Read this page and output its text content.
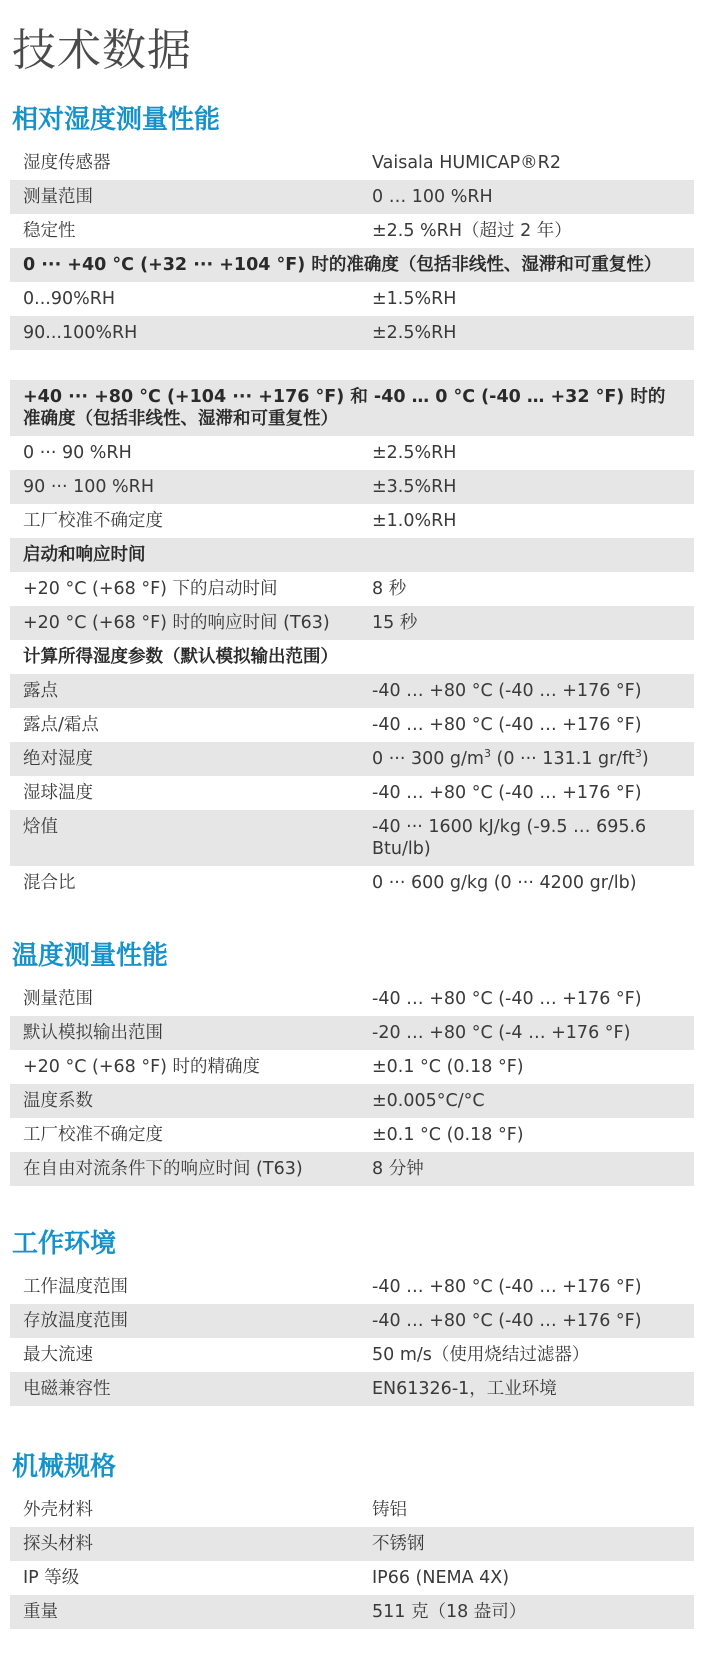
技术数据
相对湿度测量性能
湿度传感器	Vaisala HUMICAP®R2
测量范围	0 … 100 %RH
稳定性	±2.5 %RH（超过 2 年）
0 ··· +40 °C (+32 ··· +104 °F) 时的准确度（包括非线性、湿滞和可重复性）
0...90%RH	±1.5%RH
90...100%RH	±2.5%RH
+40 ··· +80 °C (+104 ··· +176 °F) 和 -40 … 0 °C (-40 … +32 °F) 时的准确度（包括非线性、湿滞和可重复性）
0 ··· 90 %RH	±2.5%RH
90 ··· 100 %RH	±3.5%RH
工厂校准不确定度	±1.0%RH
启动和响应时间
+20 °C (+68 °F) 下的启动时间	8 秒
+20 °C (+68 °F) 时的响应时间 (T63)	15 秒
计算所得湿度参数（默认模拟输出范围）
露点	-40 … +80 °C (-40 … +176 °F)
露点/霜点	-40 … +80 °C (-40 … +176 °F)
绝对湿度	0 ··· 300 $g/m^3$ (0 ··· 131.1 $gr/ft^3$)
湿球温度	-40 … +80 °C (-40 … +176 °F)
焓值	-40 ··· 1600 kJ/kg (-9.5 … 695.6 Btu/lb)
混合比	0 ··· 600 g/kg (0 ··· 4200 gr/lb)
温度测量性能
测量范围	-40 … +80 °C (-40 … +176 °F)
默认模拟输出范围	-20 … +80 °C (-4 … +176 °F)
+20 °C (+68 °F) 时的精确度	±0.1 °C (0.18 °F)
温度系数	±0.005°C/°C
工厂校准不确定度	±0.1 °C (0.18 °F)
在自由对流条件下的响应时间 (T63)	8 分钟
工作环境
工作温度范围	-40 … +80 °C (-40 … +176 °F)
存放温度范围	-40 … +80 °C (-40 … +176 °F)
最大流速	50 m/s（使用烧结过滤器）
电磁兼容性	EN61326-1，工业环境
机械规格
外壳材料	铸铝
探头材料	不锈钢
IP 等级	IP66 (NEMA 4X)
重量	511 克（18 盎司）
